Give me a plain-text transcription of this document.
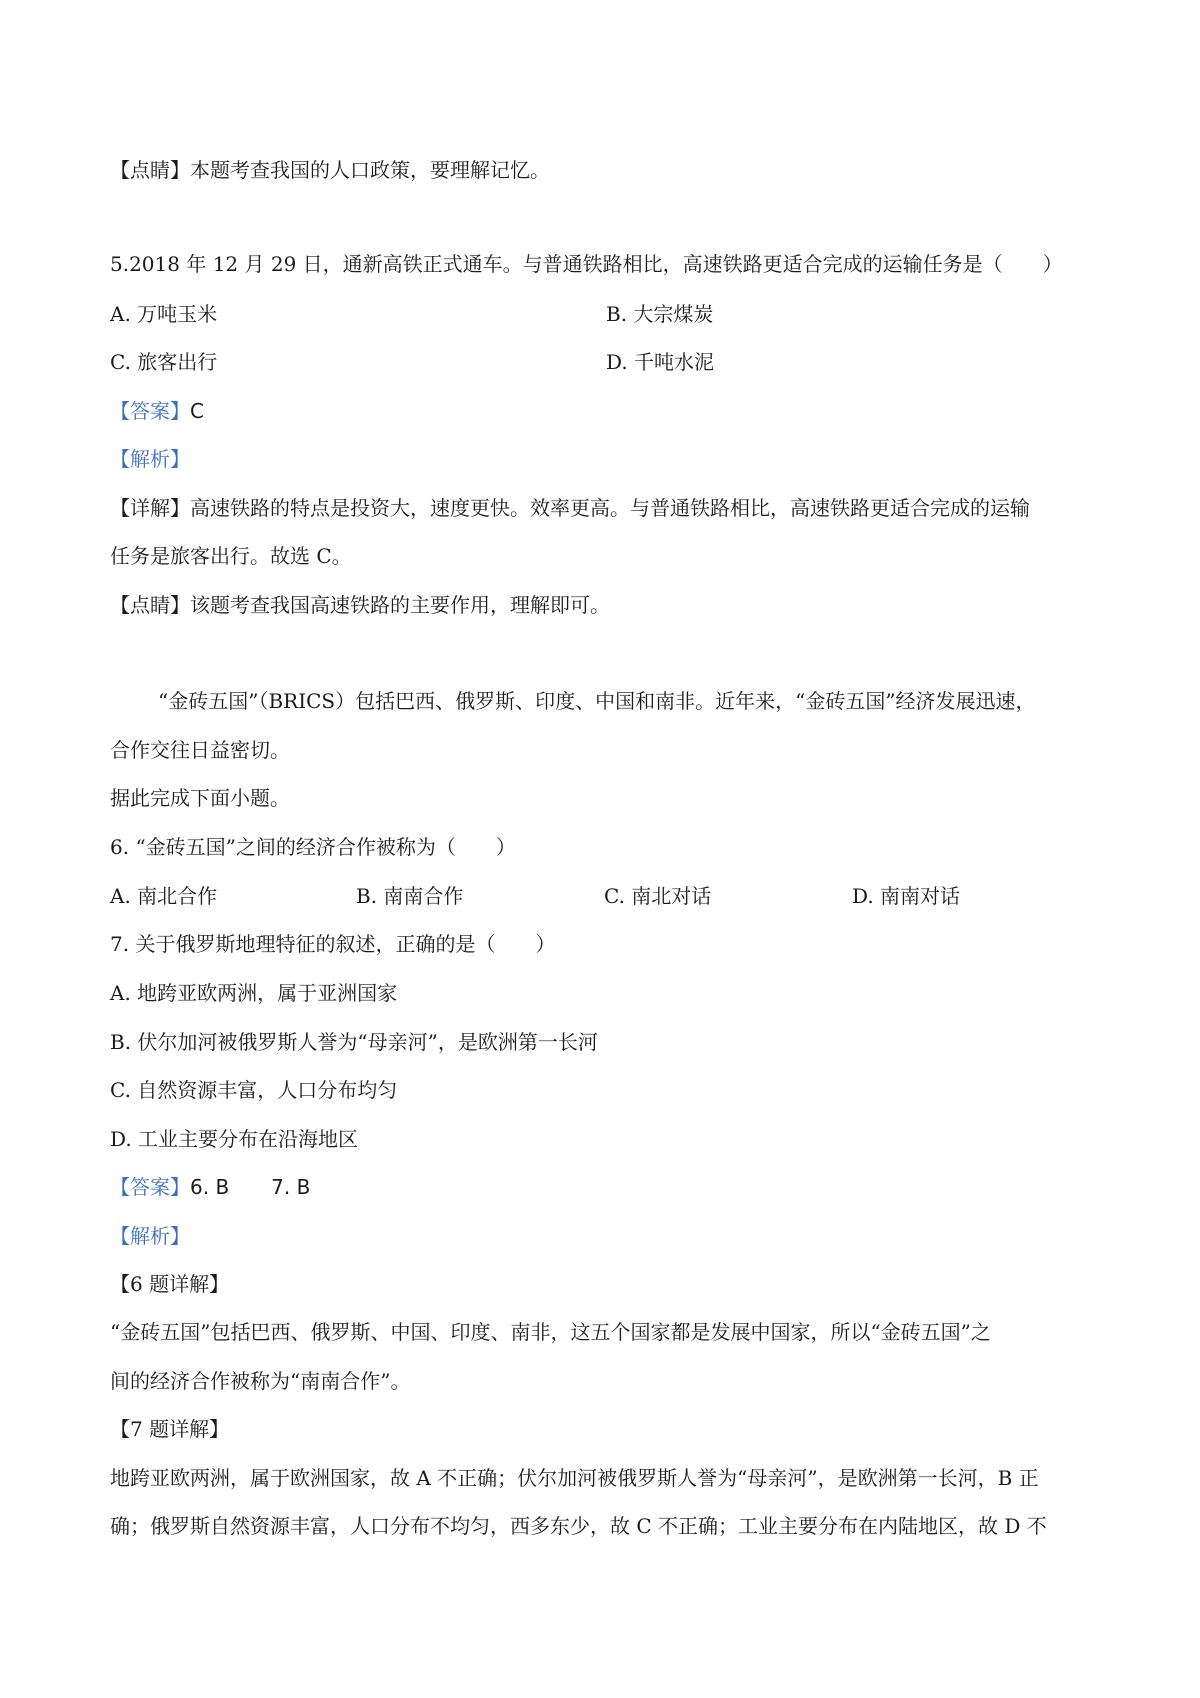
【点睛】本题考查我国的人口政策，要理解记忆。
5.2018 年 12 月 29 日，通新高铁正式通车。与普通铁路相比，高速铁路更适合完成的运输任务是（　　）
A. 万吨玉米	B. 大宗煤炭
C. 旅客出行	D. 千吨水泥
【答案】C
【解析】
【详解】高速铁路的特点是投资大，速度更快。效率更高。与普通铁路相比，高速铁路更适合完成的运输
任务是旅客出行。故选 C。
【点睛】该题考查我国高速铁路的主要作用，理解即可。
“金砖五国”（BRICS）包括巴西、俄罗斯、印度、中国和南非。近年来，“金砖五国”经济发展迅速，
合作交往日益密切。
据此完成下面小题。
6. “金砖五国”之间的经济合作被称为（　　）
A. 南北合作	B. 南南合作	C. 南北对话	D. 南南对话
7. 关于俄罗斯地理特征的叙述，正确的是（　　）
A. 地跨亚欧两洲，属于亚洲国家
B. 伏尔加河被俄罗斯人誉为“母亲河”，是欧洲第一长河
C. 自然资源丰富，人口分布均匀
D. 工业主要分布在沿海地区
【答案】6. B 7. B
【解析】
【6 题详解】
“金砖五国”包括巴西、俄罗斯、中国、印度、南非，这五个国家都是发展中国家，所以“金砖五国”之
间的经济合作被称为“南南合作”。
【7 题详解】
地跨亚欧两洲，属于欧洲国家，故 A 不正确；伏尔加河被俄罗斯人誉为“母亲河”，是欧洲第一长河，B 正
确；俄罗斯自然资源丰富，人口分布不均匀，西多东少，故 C 不正确；工业主要分布在内陆地区，故 D 不
